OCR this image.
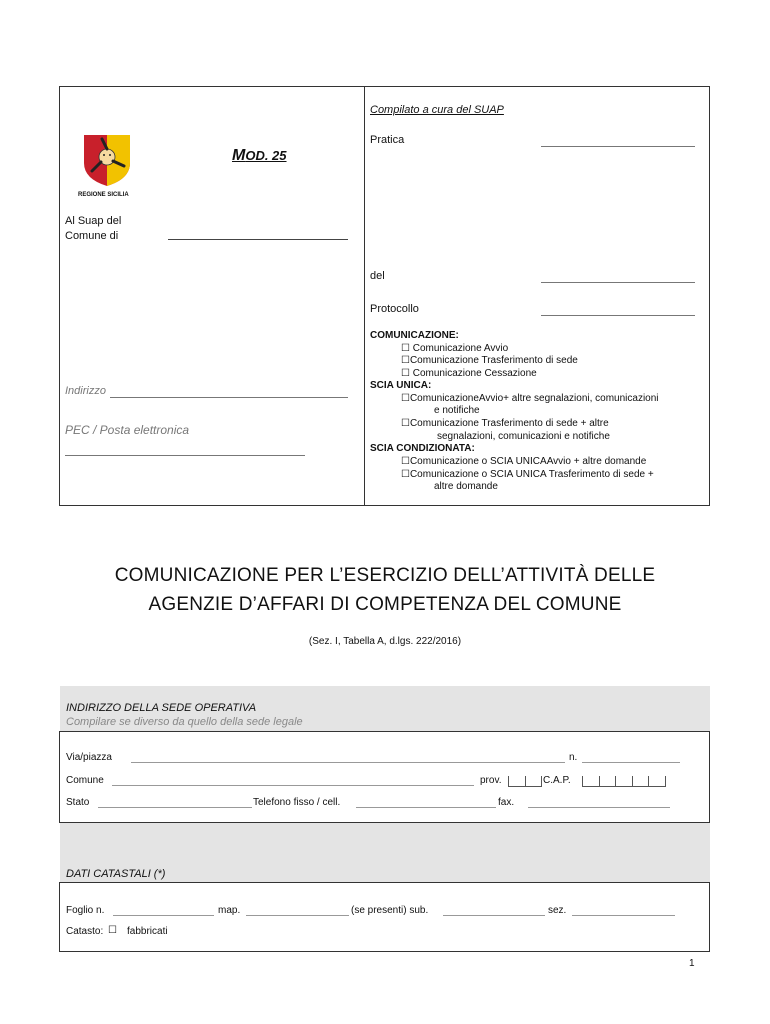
REGIONE SICILIA
MOD. 25
Al Suap del
Comune di
Indirizzo
PEC / Posta elettronica
Compilato a cura del SUAP
Pratica
del
Protocollo
COMUNICAZIONE:
☐ Comunicazione Avvio
☐Comunicazione Trasferimento di sede
☐ Comunicazione Cessazione
SCIA UNICA:
☐ComunicazioneAvvio+ altre segnalazioni, comunicazioni
e notifiche
☐Comunicazione Trasferimento di sede + altre
segnalazioni, comunicazioni e notifiche
SCIA CONDIZIONATA:
☐Comunicazione o SCIA UNICAAvvio + altre domande
☐Comunicazione o SCIA UNICA Trasferimento di sede +
altre domande
COMUNICAZIONE PER L’ESERCIZIO DELL’ATTIVITÀ DELLE
AGENZIE D’AFFARI DI COMPETENZA DEL COMUNE
(Sez. I, Tabella A, d.lgs. 222/2016)
INDIRIZZO DELLA SEDE OPERATIVA
Compilare se diverso da quello della sede legale
Via/piazza	n.
Comune	prov.	C.A.P.
Stato	Telefono fisso / cell.	fax.
DATI CATASTALI (*)
Foglio n.	map.	(se presenti) sub.	sez.
Catasto: ☐ fabbricati
1
